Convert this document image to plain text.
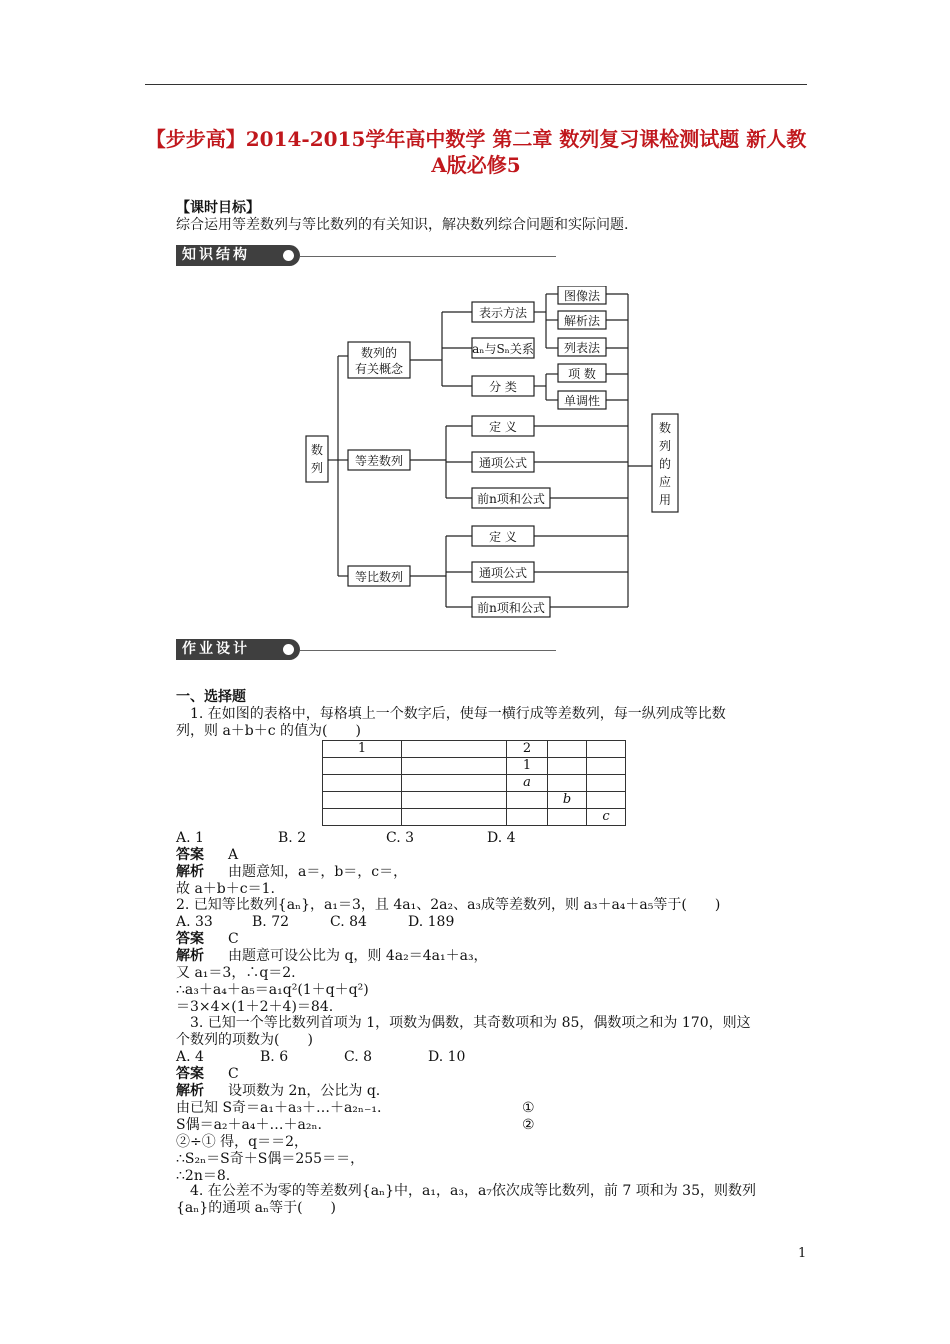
【步步高】2014-2015学年高中数学 第二章 数列复习课检测试题 新人教A版必修5
【课时目标】
综合运用等差数列与等比数列的有关知识，解决数列综合问题和实际问题.
知识结构
数
列
数列的
有关概念
等差数列
等比数列
表示方法
aₙ与Sₙ关系
分 类
图像法
解析法
列表法
项 数
单调性
定 义
通项公式
前n项和公式
定 义
通项公式
前n项和公式
数
列
的
应
用
作业设计
一、选择题
1. 在如图的表格中，每格填上一个数字后，使每一横行成等差数列，每一纵列成等比数
列，则 a＋b＋c 的值为(　　)
1		2		
		1		
		a		
			b	
				c
A. 1	B. 2	C. 3	D. 4
答案 A
解析 由题意知，a＝，b＝，c＝，
故 a＋b＋c＝1.
2. 已知等比数列{aₙ}，a₁＝3，且 4a₁、2a₂、a₃成等差数列，则 a₃＋a₄＋a₅等于(　　)
A. 33	B. 72	C. 84	D. 189
答案 C
解析 由题意可设公比为 q，则 4a₂＝4a₁＋a₃，
又 a₁＝3，∴q＝2.
∴a₃＋a₄＋a₅＝a₁q²(1＋q＋q²)
＝3×4×(1＋2＋4)＝84.
3. 已知一个等比数列首项为 1，项数为偶数，其奇数项和为 85，偶数项之和为 170，则这
个数列的项数为(　　)
A. 4	B. 6	C. 8	D. 10
答案 C
解析 设项数为 2n，公比为 q.
由已知 S奇＝a₁＋a₃＋…＋a₂ₙ₋₁.	①
S偶＝a₂＋a₄＋…＋a₂ₙ.	②
②÷① 得，q＝＝2，
∴S₂ₙ＝S奇＋S偶＝255＝＝，
∴2n＝8.
4. 在公差不为零的等差数列{aₙ}中，a₁，a₃，a₇依次成等比数列，前 7 项和为 35，则数列
{aₙ}的通项 aₙ等于(　　)
1
